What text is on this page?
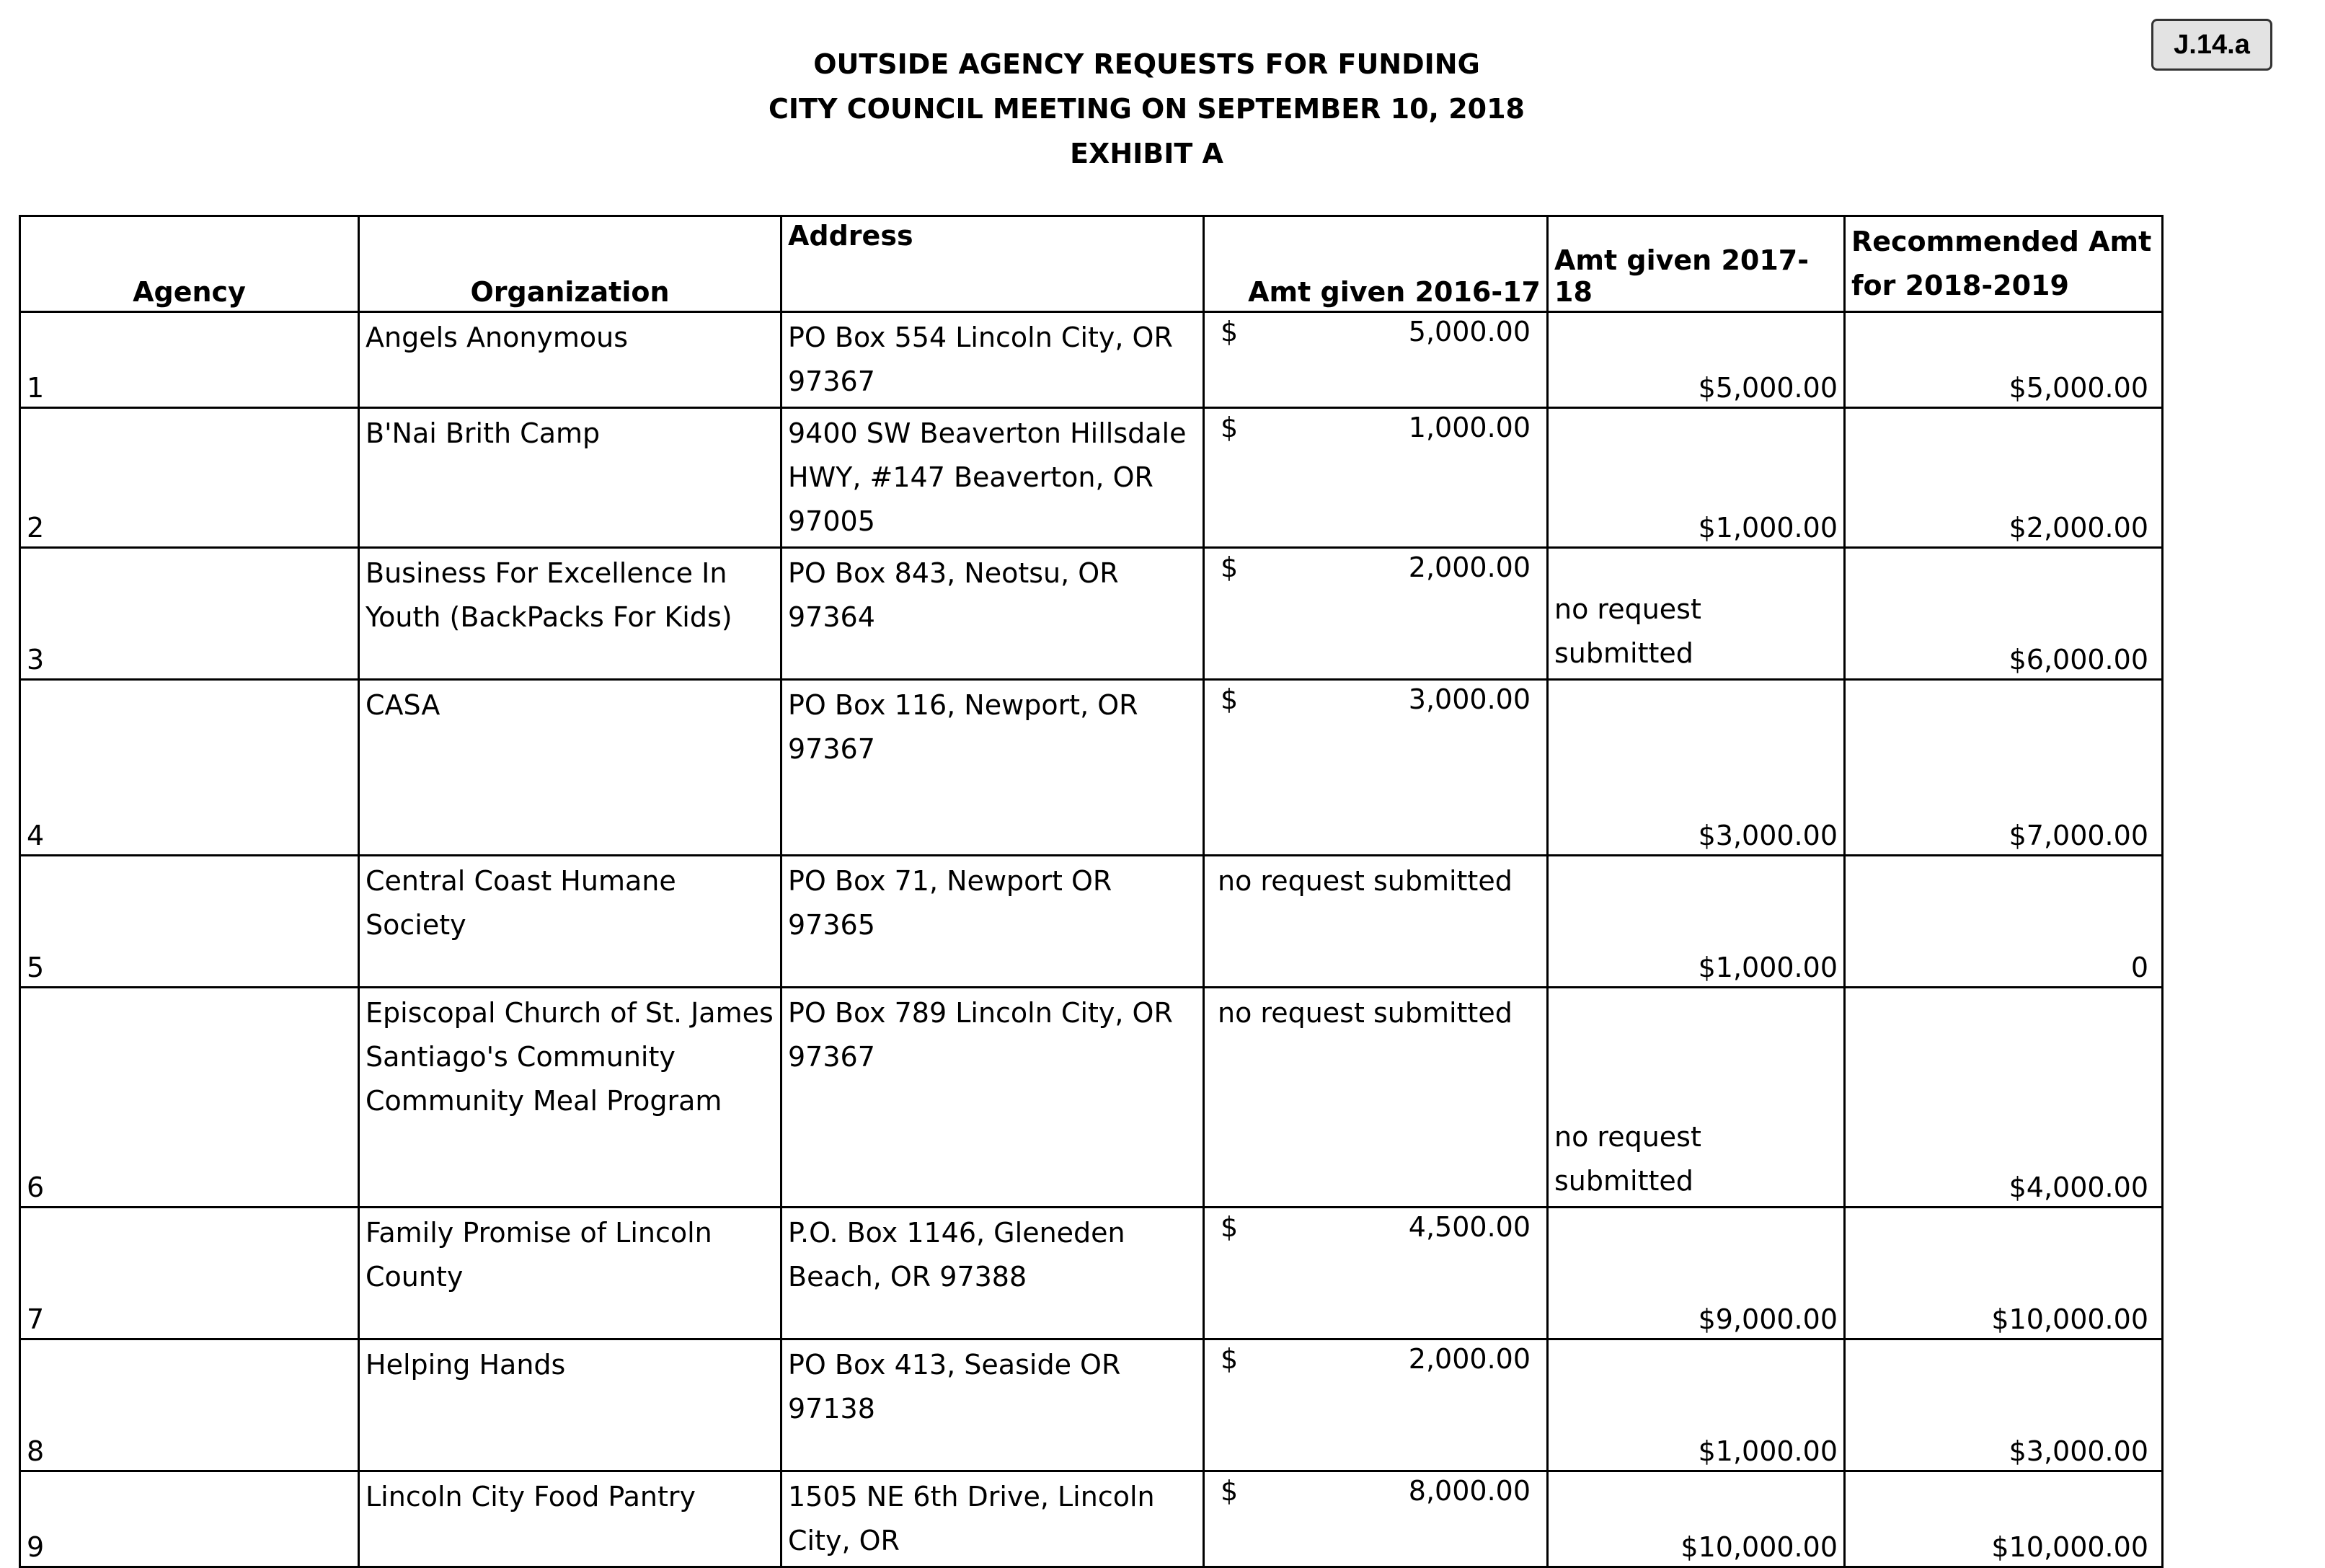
OUTSIDE AGENCY REQUESTS FOR FUNDING
CITY COUNCIL MEETING ON SEPTEMBER 10, 2018
EXHIBIT A
J.14.a
Agency	Organization	Address	Amt given 2016-17	Amt given 2017-18	Recommended Amt for 2018-2019
1	Angels Anonymous	PO Box 554 Lincoln City, OR 97367	$ 5,000.00	$5,000.00	$5,000.00
2	B'Nai Brith Camp	9400 SW Beaverton Hillsdale HWY, #147 Beaverton, OR 97005	$ 1,000.00	$1,000.00	$2,000.00
3	Business For Excellence In Youth (BackPacks For Kids)	PO Box 843, Neotsu, OR 97364	$ 2,000.00	no request submitted	$6,000.00
4	CASA	PO Box 116, Newport, OR 97367	$ 3,000.00	$3,000.00	$7,000.00
5	Central Coast Humane Society	PO Box 71, Newport OR 97365	no request submitted	$1,000.00	0
6	Episcopal Church of St. James Santiago's Community Community Meal Program	PO Box 789 Lincoln City, OR 97367	no request submitted	no request submitted	$4,000.00
7	Family Promise of Lincoln County	P.O. Box 1146, Gleneden Beach, OR 97388	$ 4,500.00	$9,000.00	$10,000.00
8	Helping Hands	PO Box 413, Seaside OR 97138	$ 2,000.00	$1,000.00	$3,000.00
9	Lincoln City Food Pantry	1505 NE 6th Drive, Lincoln City, OR	$ 8,000.00	$10,000.00	$10,000.00
